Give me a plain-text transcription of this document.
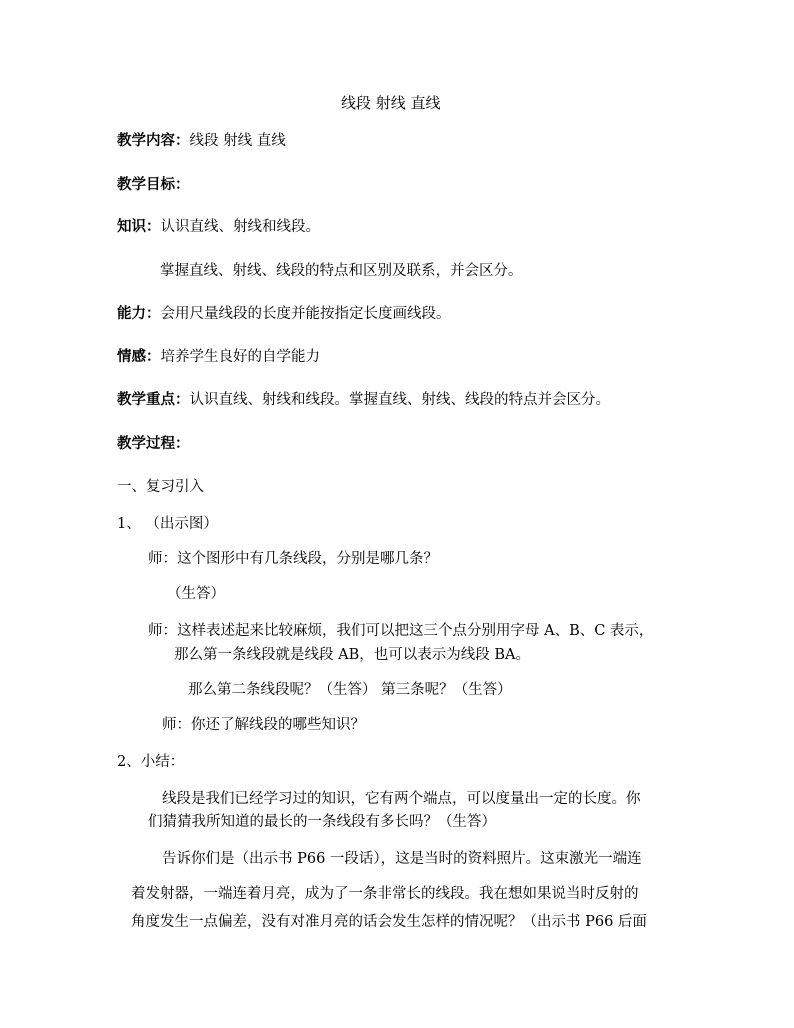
线段 射线 直线
教学内容：线段 射线 直线
教学目标：
知识：认识直线、射线和线段。
掌握直线、射线、线段的特点和区别及联系，并会区分。
能力：会用尺量线段的长度并能按指定长度画线段。
情感：培养学生良好的自学能力
教学重点：认识直线、射线和线段。掌握直线、射线、线段的特点并会区分。
教学过程：
一、复习引入
1、 （出示图）
师：这个图形中有几条线段，分别是哪几条？
（生答）
师：这样表述起来比较麻烦，我们可以把这三个点分别用字母 A、B、C 表示，
那么第一条线段就是线段 AB，也可以表示为线段 BA。
那么第二条线段呢？（生答） 第三条呢？（生答）
师：你还了解线段的哪些知识？
2、小结：
线段是我们已经学习过的知识，它有两个端点，可以度量出一定的长度。你
们猜猜我所知道的最长的一条线段有多长吗？（生答）
告诉你们是（出示书 P66 一段话），这是当时的资料照片。这束激光一端连
着发射器，一端连着月亮，成为了一条非常长的线段。我在想如果说当时反射的
角度发生一点偏差，没有对准月亮的话会发生怎样的情况呢？（出示书 P66 后面
